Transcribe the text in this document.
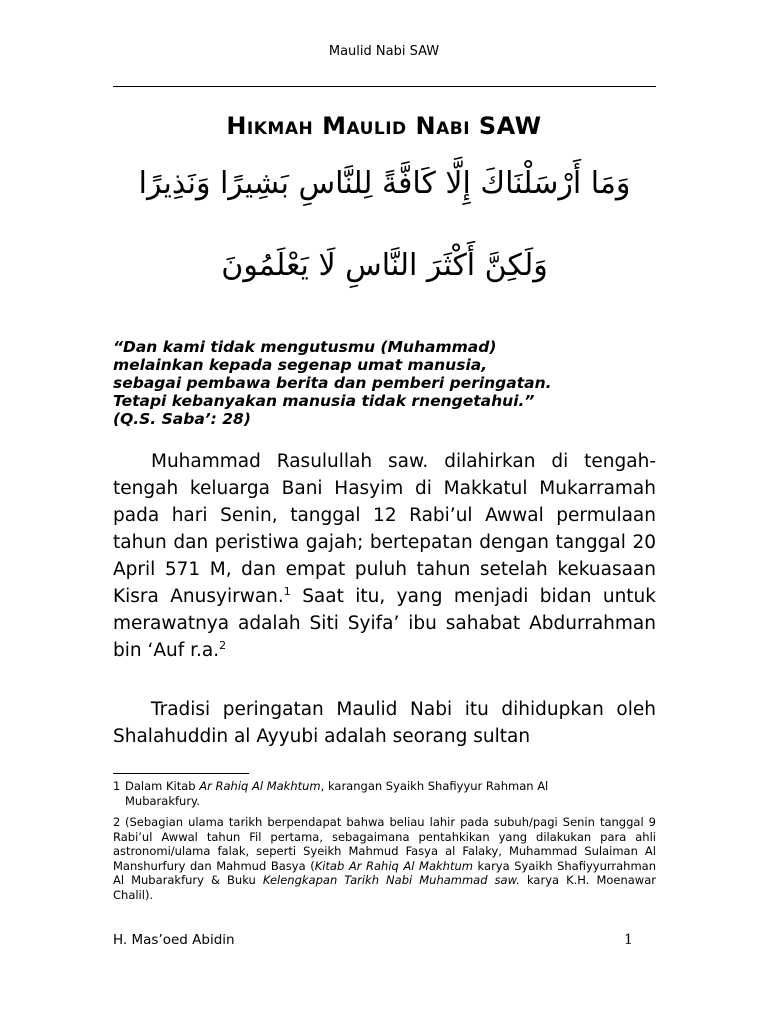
Maulid Nabi SAW
Hikmah Maulid Nabi SAW
وَمَا أَرْسَلْنَاكَ إِلَّا كَافَّةً لِلنَّاسِ بَشِيرًا وَنَذِيرًا
وَلَكِنَّ أَكْثَرَ النَّاسِ لَا يَعْلَمُونَ
“Dan kami tidak mengutusmu (Muhammad) melainkan kepada segenap umat manusia, sebagai pembawa berita dan pemberi peringatan. Tetapi kebanyakan manusia tidak rnengetahui.” (Q.S. Saba’: 28)

Muhammad Rasulullah saw. dilahirkan di tengah-tengah keluarga Bani Hasyim di Makkatul Mukarramah pada hari Senin, tanggal 12 Rabi’ul Awwal permulaan tahun dan peristiwa gajah; bertepatan dengan tanggal 20 April 571 M, dan empat puluh tahun setelah kekuasaan Kisra Anusyirwan.$^1$ Saat itu, yang menjadi bidan untuk merawatnya adalah Siti Syifa’ ibu sahabat Abdurrahman bin ‘Auf r.a.$^2$

Tradisi peringatan Maulid Nabi itu dihidupkan oleh Shalahuddin al Ayyubi adalah seorang sultan

1 Dalam Kitab Ar Rahiq Al Makhtum, karangan Syaikh Shafiyyur Rahman Al
Mubarakfury.
2 (Sebagian ulama tarikh berpendapat bahwa beliau lahir pada subuh/pagi Senin tanggal 9 Rabi’ul Awwal tahun Fil pertama, sebagaimana pentahkikan yang dilakukan para ahli astronomi/ulama falak, seperti Syeikh Mahmud Fasya al Falaky, Muhammad Sulaiman Al Manshurfury dan Mahmud Basya (Kitab Ar Rahiq Al Makhtum karya Syaikh Shafiyyurrahman Al Mubarakfury & Buku Kelengkapan Tarikh Nabi Muhammad saw. karya K.H. Moenawar Chalil).
H. Mas’oed Abidin	1
